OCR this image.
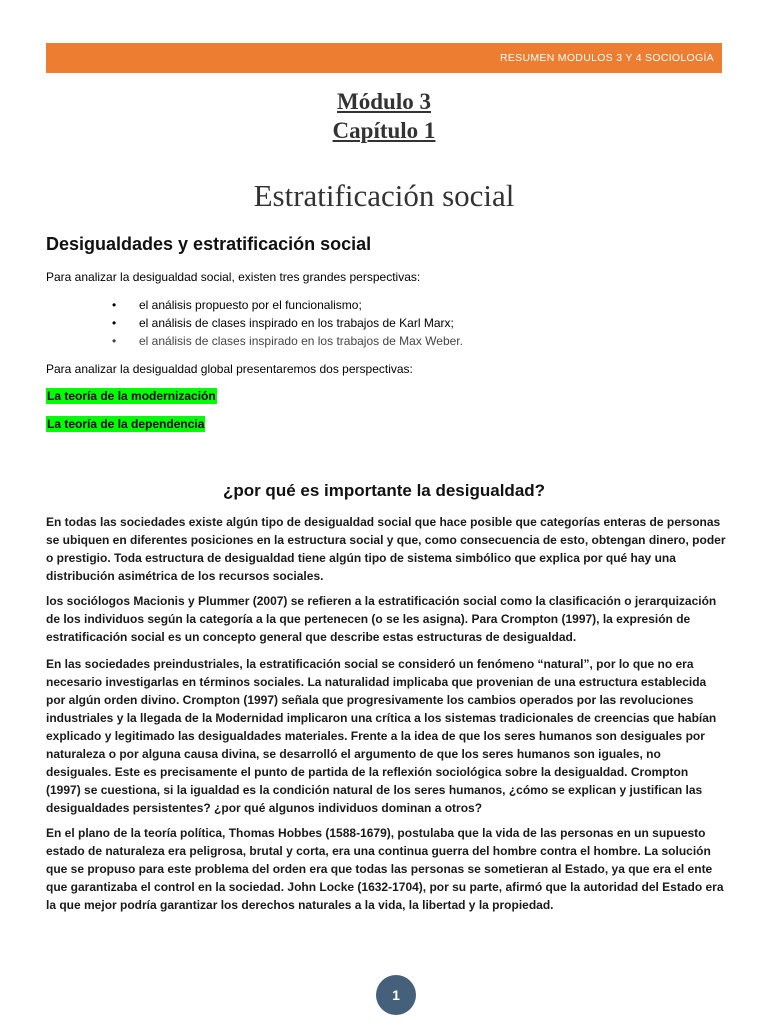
RESUMEN MODULOS 3 Y 4 SOCIOLOGÍA
Módulo 3
Capítulo 1
Estratificación social
Desigualdades y estratificación social
Para analizar la desigualdad social, existen tres grandes perspectivas:
• el análisis propuesto por el funcionalismo;
• el análisis de clases inspirado en los trabajos de Karl Marx;
• el análisis de clases inspirado en los trabajos de Max Weber.
Para analizar la desigualdad global presentaremos dos perspectivas:
La teoría de la modernización
La teoría de la dependencia
¿por qué es importante la desigualdad?
En todas las sociedades existe algún tipo de desigualdad social que hace posible que categorías enteras de personas se ubiquen en diferentes posiciones en la estructura social y que, como consecuencia de esto, obtengan dinero, poder o prestigio. Toda estructura de desigualdad tiene algún tipo de sistema simbólico que explica por qué hay una distribución asimétrica de los recursos sociales.
los sociólogos Macionis y Plummer (2007) se refieren a la estratificación social como la clasificación o jerarquización de los individuos según la categoría a la que pertenecen (o se les asigna). Para Crompton (1997), la expresión de estratificación social es un concepto general que describe estas estructuras de desigualdad.
En las sociedades preindustriales, la estratificación social se consideró un fenómeno “natural”, por lo que no era necesario investigarlas en términos sociales. La naturalidad implicaba que provenian de una estructura establecida por algún orden divino. Crompton (1997) señala que progresivamente los cambios operados por las revoluciones industriales y la llegada de la Modernidad implicaron una crítica a los sistemas tradicionales de creencias que habían explicado y legitimado las desigualdades materiales. Frente a la idea de que los seres humanos son desiguales por naturaleza o por alguna causa divina, se desarrolló el argumento de que los seres humanos son iguales, no desiguales. Este es precisamente el punto de partida de la reflexión sociológica sobre la desigualdad. Crompton (1997) se cuestiona, si la igualdad es la condición natural de los seres humanos, ¿cómo se explican y justifican las desigualdades persistentes? ¿por qué algunos individuos dominan a otros?
En el plano de la teoría política, Thomas Hobbes (1588-1679), postulaba que la vida de las personas en un supuesto estado de naturaleza era peligrosa, brutal y corta, era una continua guerra del hombre contra el hombre. La solución que se propuso para este problema del orden era que todas las personas se sometieran al Estado, ya que era el ente que garantizaba el control en la sociedad. John Locke (1632-1704), por su parte, afirmó que la autoridad del Estado era la que mejor podría garantizar los derechos naturales a la vida, la libertad y la propiedad.
1
